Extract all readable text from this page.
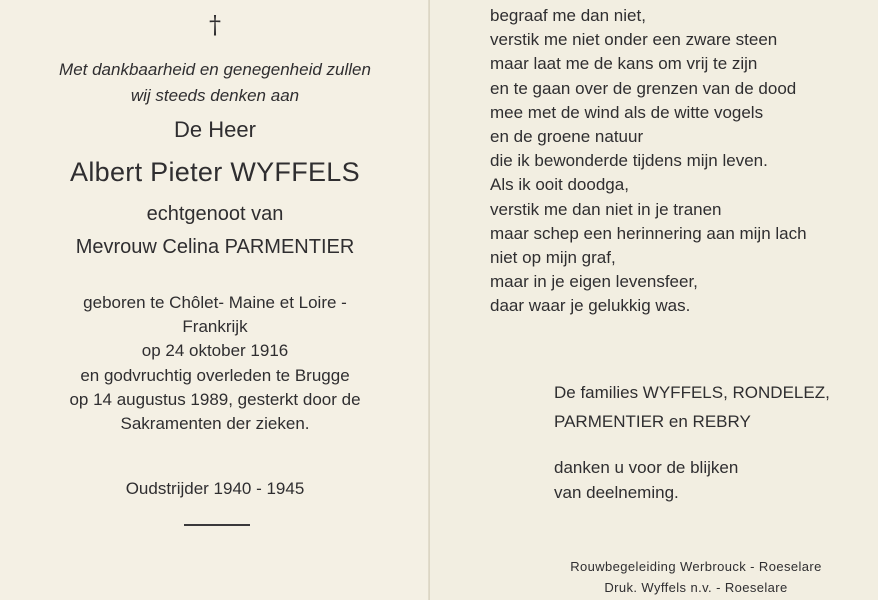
†
Met dankbaarheid en genegenheid zullen
wij steeds denken aan
De Heer
Albert Pieter WYFFELS
echtgenoot van
Mevrouw Celina PARMENTIER
geboren te Chôlet- Maine et Loire -
Frankrijk
op 24 oktober 1916
en godvruchtig overleden te Brugge
op 14 augustus 1989, gesterkt door de
Sakramenten der zieken.
Oudstrijder 1940 - 1945
begraaf me dan niet,
verstik me niet onder een zware steen
maar laat me de kans om vrij te zijn
en te gaan over de grenzen van de dood
mee met de wind als de witte vogels
en de groene natuur
die ik bewonderde tijdens mijn leven.
Als ik ooit doodga,
verstik me dan niet in je tranen
maar schep een herinnering aan mijn lach
niet op mijn graf,
maar in je eigen levensfeer,
daar waar je gelukkig was.
De families WYFFELS, RONDELEZ,
PARMENTIER en REBRY
danken u voor de blijken
van deelneming.
Rouwbegeleiding Werbrouck - Roeselare
Druk. Wyffels n.v. - Roeselare
